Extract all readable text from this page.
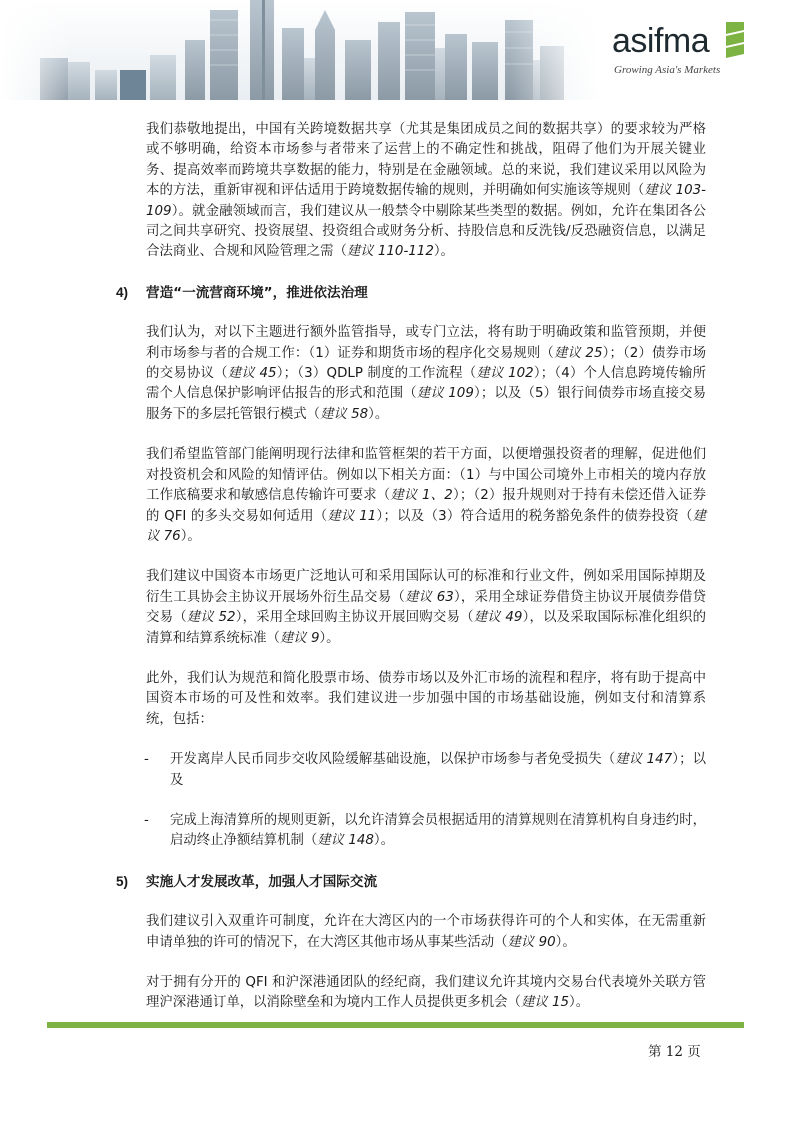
asifma
Growing Asia's Markets

我们恭敬地提出，中国有关跨境数据共享（尤其是集团成员之间的数据共享）的要求较为严格或不够明确，给资本市场参与者带来了运营上的不确定性和挑战，阻碍了他们为开展关键业务、提高效率而跨境共享数据的能力，特别是在金融领域。总的来说，我们建议采用以风险为本的方法，重新审视和评估适用于跨境数据传输的规则，并明确如何实施该等规则（建议 103-109）。就金融领域而言，我们建议从一般禁令中剔除某些类型的数据。例如，允许在集团各公司之间共享研究、投资展望、投资组合或财务分析、持股信息和反洗钱/反恐融资信息，以满足合法商业、合规和风险管理之需（建议 110-112）。

4) 营造“一流营商环境”，推进依法治理

我们认为，对以下主题进行额外监管指导，或专门立法，将有助于明确政策和监管预期，并便利市场参与者的合规工作：（1）证券和期货市场的程序化交易规则（建议 25）；（2）债券市场的交易协议（建议 45）；（3）QDLP 制度的工作流程（建议 102）；（4）个人信息跨境传输所需个人信息保护影响评估报告的形式和范围（建议 109）；以及（5）银行间债券市场直接交易服务下的多层托管银行模式（建议 58）。

我们希望监管部门能阐明现行法律和监管框架的若干方面，以便增强投资者的理解，促进他们对投资机会和风险的知情评估。例如以下相关方面：（1）与中国公司境外上市相关的境内存放工作底稿要求和敏感信息传输许可要求（建议 1、2）；（2）报升规则对于持有未偿还借入证券的 QFI 的多头交易如何适用（建议 11）；以及（3）符合适用的税务豁免条件的债券投资（建议 76）。

我们建议中国资本市场更广泛地认可和采用国际认可的标准和行业文件，例如采用国际掉期及衍生工具协会主协议开展场外衍生品交易（建议 63），采用全球证券借贷主协议开展债券借贷交易（建议 52），采用全球回购主协议开展回购交易（建议 49），以及采取国际标准化组织的清算和结算系统标准（建议 9）。

此外，我们认为规范和简化股票市场、债券市场以及外汇市场的流程和程序，将有助于提高中国资本市场的可及性和效率。我们建议进一步加强中国的市场基础设施，例如支付和清算系统，包括：

- 开发离岸人民币同步交收风险缓解基础设施，以保护市场参与者免受损失（建议 147）；以及

- 完成上海清算所的规则更新，以允许清算会员根据适用的清算规则在清算机构自身违约时，启动终止净额结算机制（建议 148）。

5) 实施人才发展改革，加强人才国际交流

我们建议引入双重许可制度，允许在大湾区内的一个市场获得许可的个人和实体，在无需重新申请单独的许可的情况下，在大湾区其他市场从事某些活动（建议 90）。

对于拥有分开的 QFI 和沪深港通团队的经纪商，我们建议允许其境内交易台代表境外关联方管理沪深港通订单，以消除壁垒和为境内工作人员提供更多机会（建议 15）。

第 12 页
